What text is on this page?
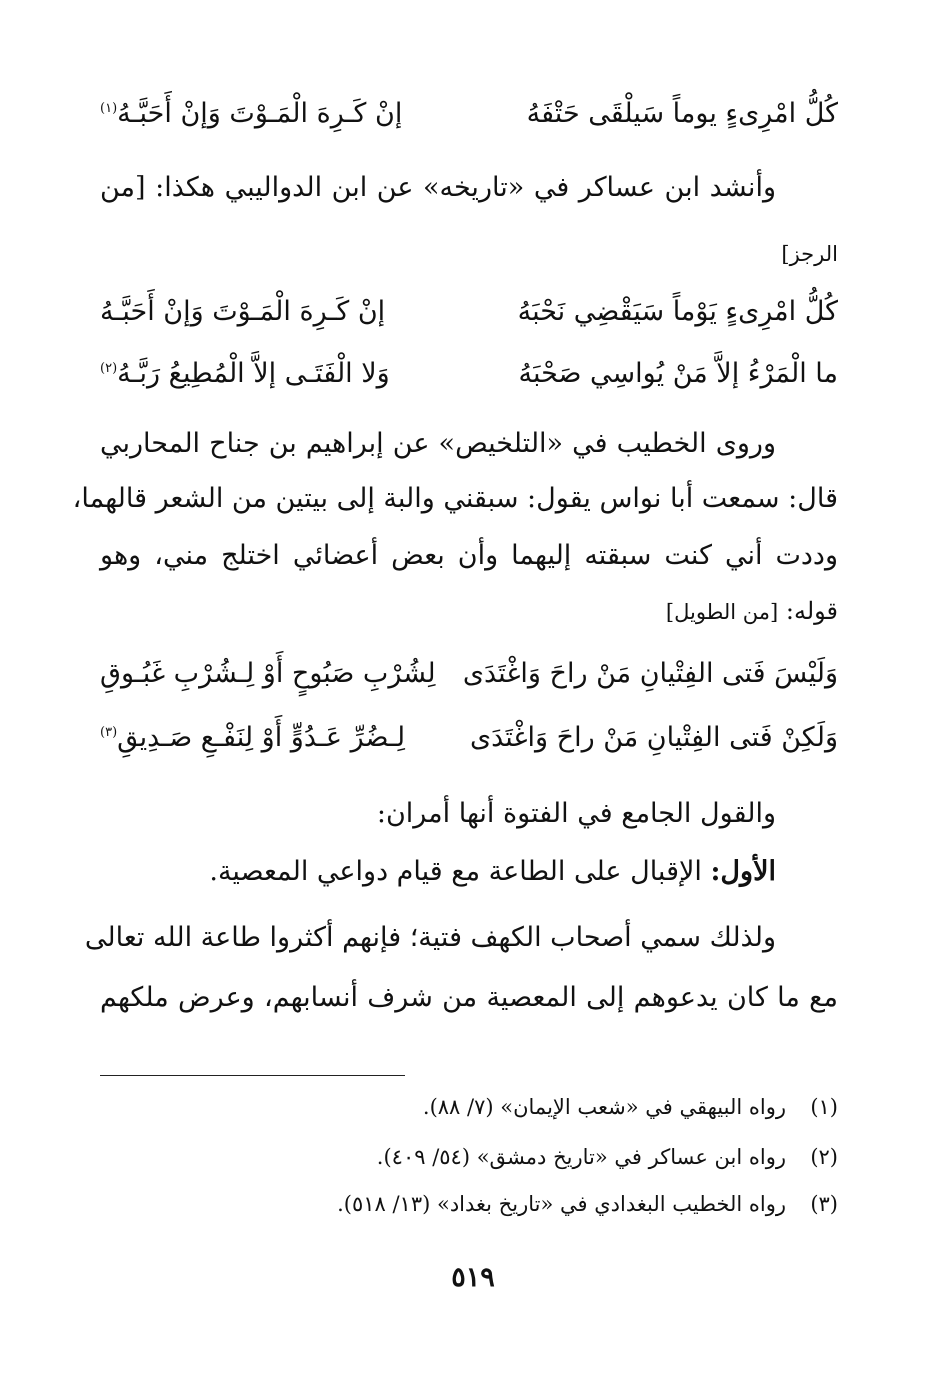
كُلُّ امْرِىءٍ يوماً سَيلْقَى حَتْفَهُ
إنْ كَـرِهَ الْمَـوْتَ وَإنْ أَحَبَّـهُ$^{(١)}$
وأنشد ابن عساكر في «تاريخه» عن ابن الدواليبي هكذا: [من
الرجز]
كُلُّ امْرِىءٍ يَوْماً سَيَقْضِي نَحْبَهُ
إنْ كَـرِهَ الْمَـوْتَ وَإنْ أَحَبَّـهُ
ما الْمَرْءُ إلاَّ مَنْ يُواسِي صَحْبَهُ
وَلا الْفَتَـى إلاَّ الْمُطِيعُ رَبَّـهُ$^{(٢)}$
وروى الخطيب في «التلخيص» عن إبراهيم بن جناح المحاربي
قال: سمعت أبا نواس يقول: سبقني والبة إلى بيتين من الشعر قالهما،
وددت أني كنت سبقته إليهما وأن بعض أعضائي اختلج مني، وهو
قوله: [من الطويل]
وَلَيْسَ فَتى الفِتْيانِ مَنْ راحَ وَاغْتَدَى
لِشُرْبِ صَبُوحٍ أَوْ لِـشُرْبِ غَبُـوقِ
وَلَكِنْ فَتى الفِتْيانِ مَنْ راحَ وَاغْتَدَى
لِـضُرِّ عَـدُوٍّ أَوْ لِنَفْـعِ صَـدِيقِ$^{(٣)}$
والقول الجامع في الفتوة أنها أمران:
الأول: الإقبال على الطاعة مع قيام دواعي المعصية.
ولذلك سمي أصحاب الكهف فتية؛ فإنهم أكثروا طاعة الله تعالى
مع ما كان يدعوهم إلى المعصية من شرف أنسابهم، وعرض ملكهم
(١)رواه البيهقي في «شعب الإيمان» (٧/ ٨٨).
(٢)رواه ابن عساكر في «تاريخ دمشق» (٥٤/ ٤٠٩).
(٣)رواه الخطيب البغدادي في «تاريخ بغداد» (١٣/ ٥١٨).
٥١٩
